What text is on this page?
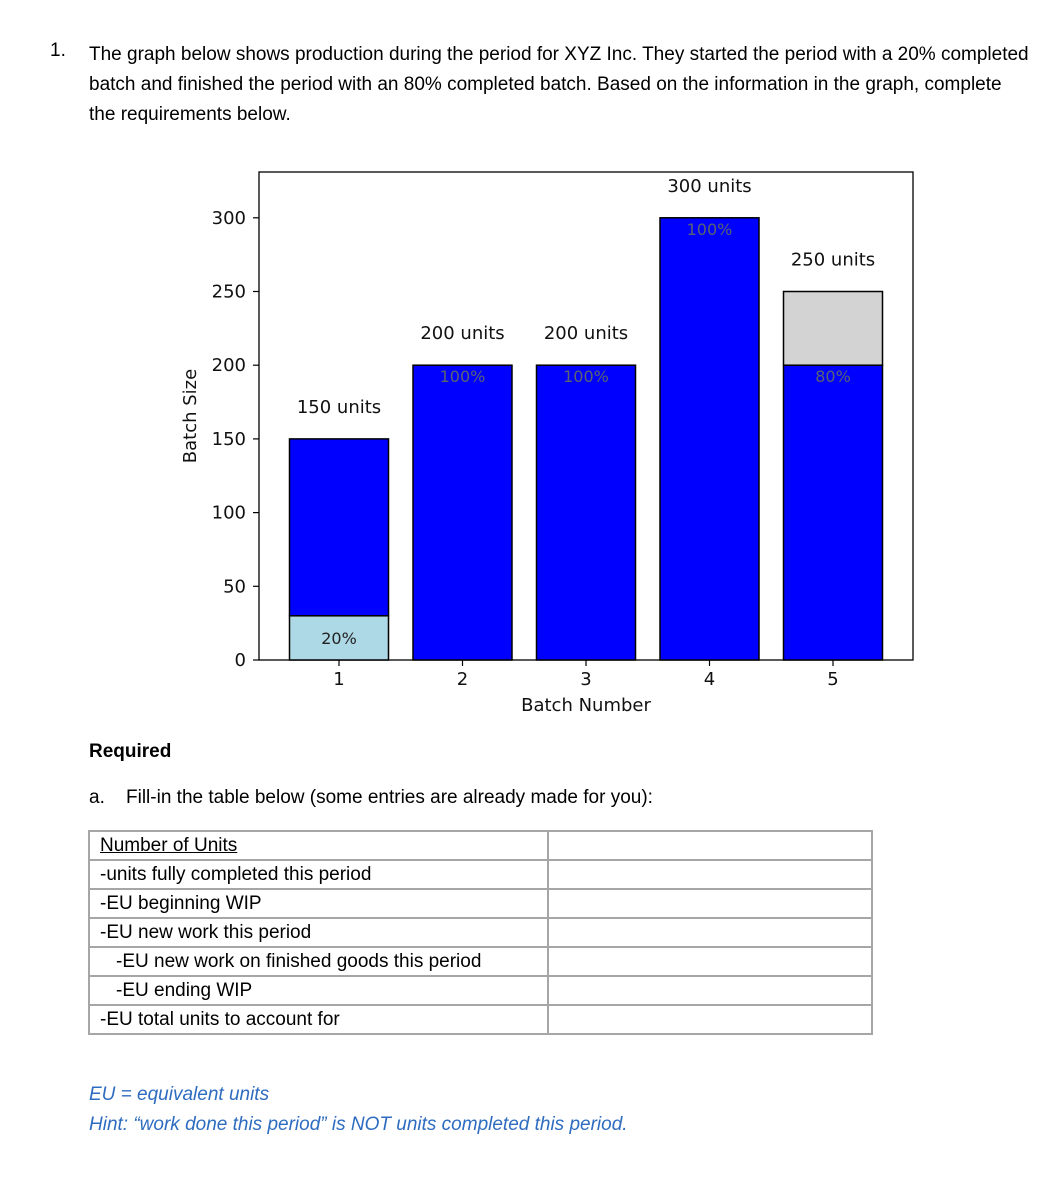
1. The graph below shows production during the period for XYZ Inc. They started the period with a 20% completed batch and finished the period with an 80% completed batch. Based on the information in the graph, complete the requirements below.
20%
100%	100%
100%
80%
150 units
200 units 200 units
300 units
250 units
0
50
100
150
200
250
300
1	2	3	4	5
Batch Number
Batch Size
Required
a. Fill-in the table below (some entries are already made for you):
Number of Units	
-units fully completed this period	
-EU beginning WIP	
-EU new work this period	
-EU new work on finished goods this period	
-EU ending WIP	
-EU total units to account for	
EU = equivalent units
Hint: “work done this period” is NOT units completed this period.
